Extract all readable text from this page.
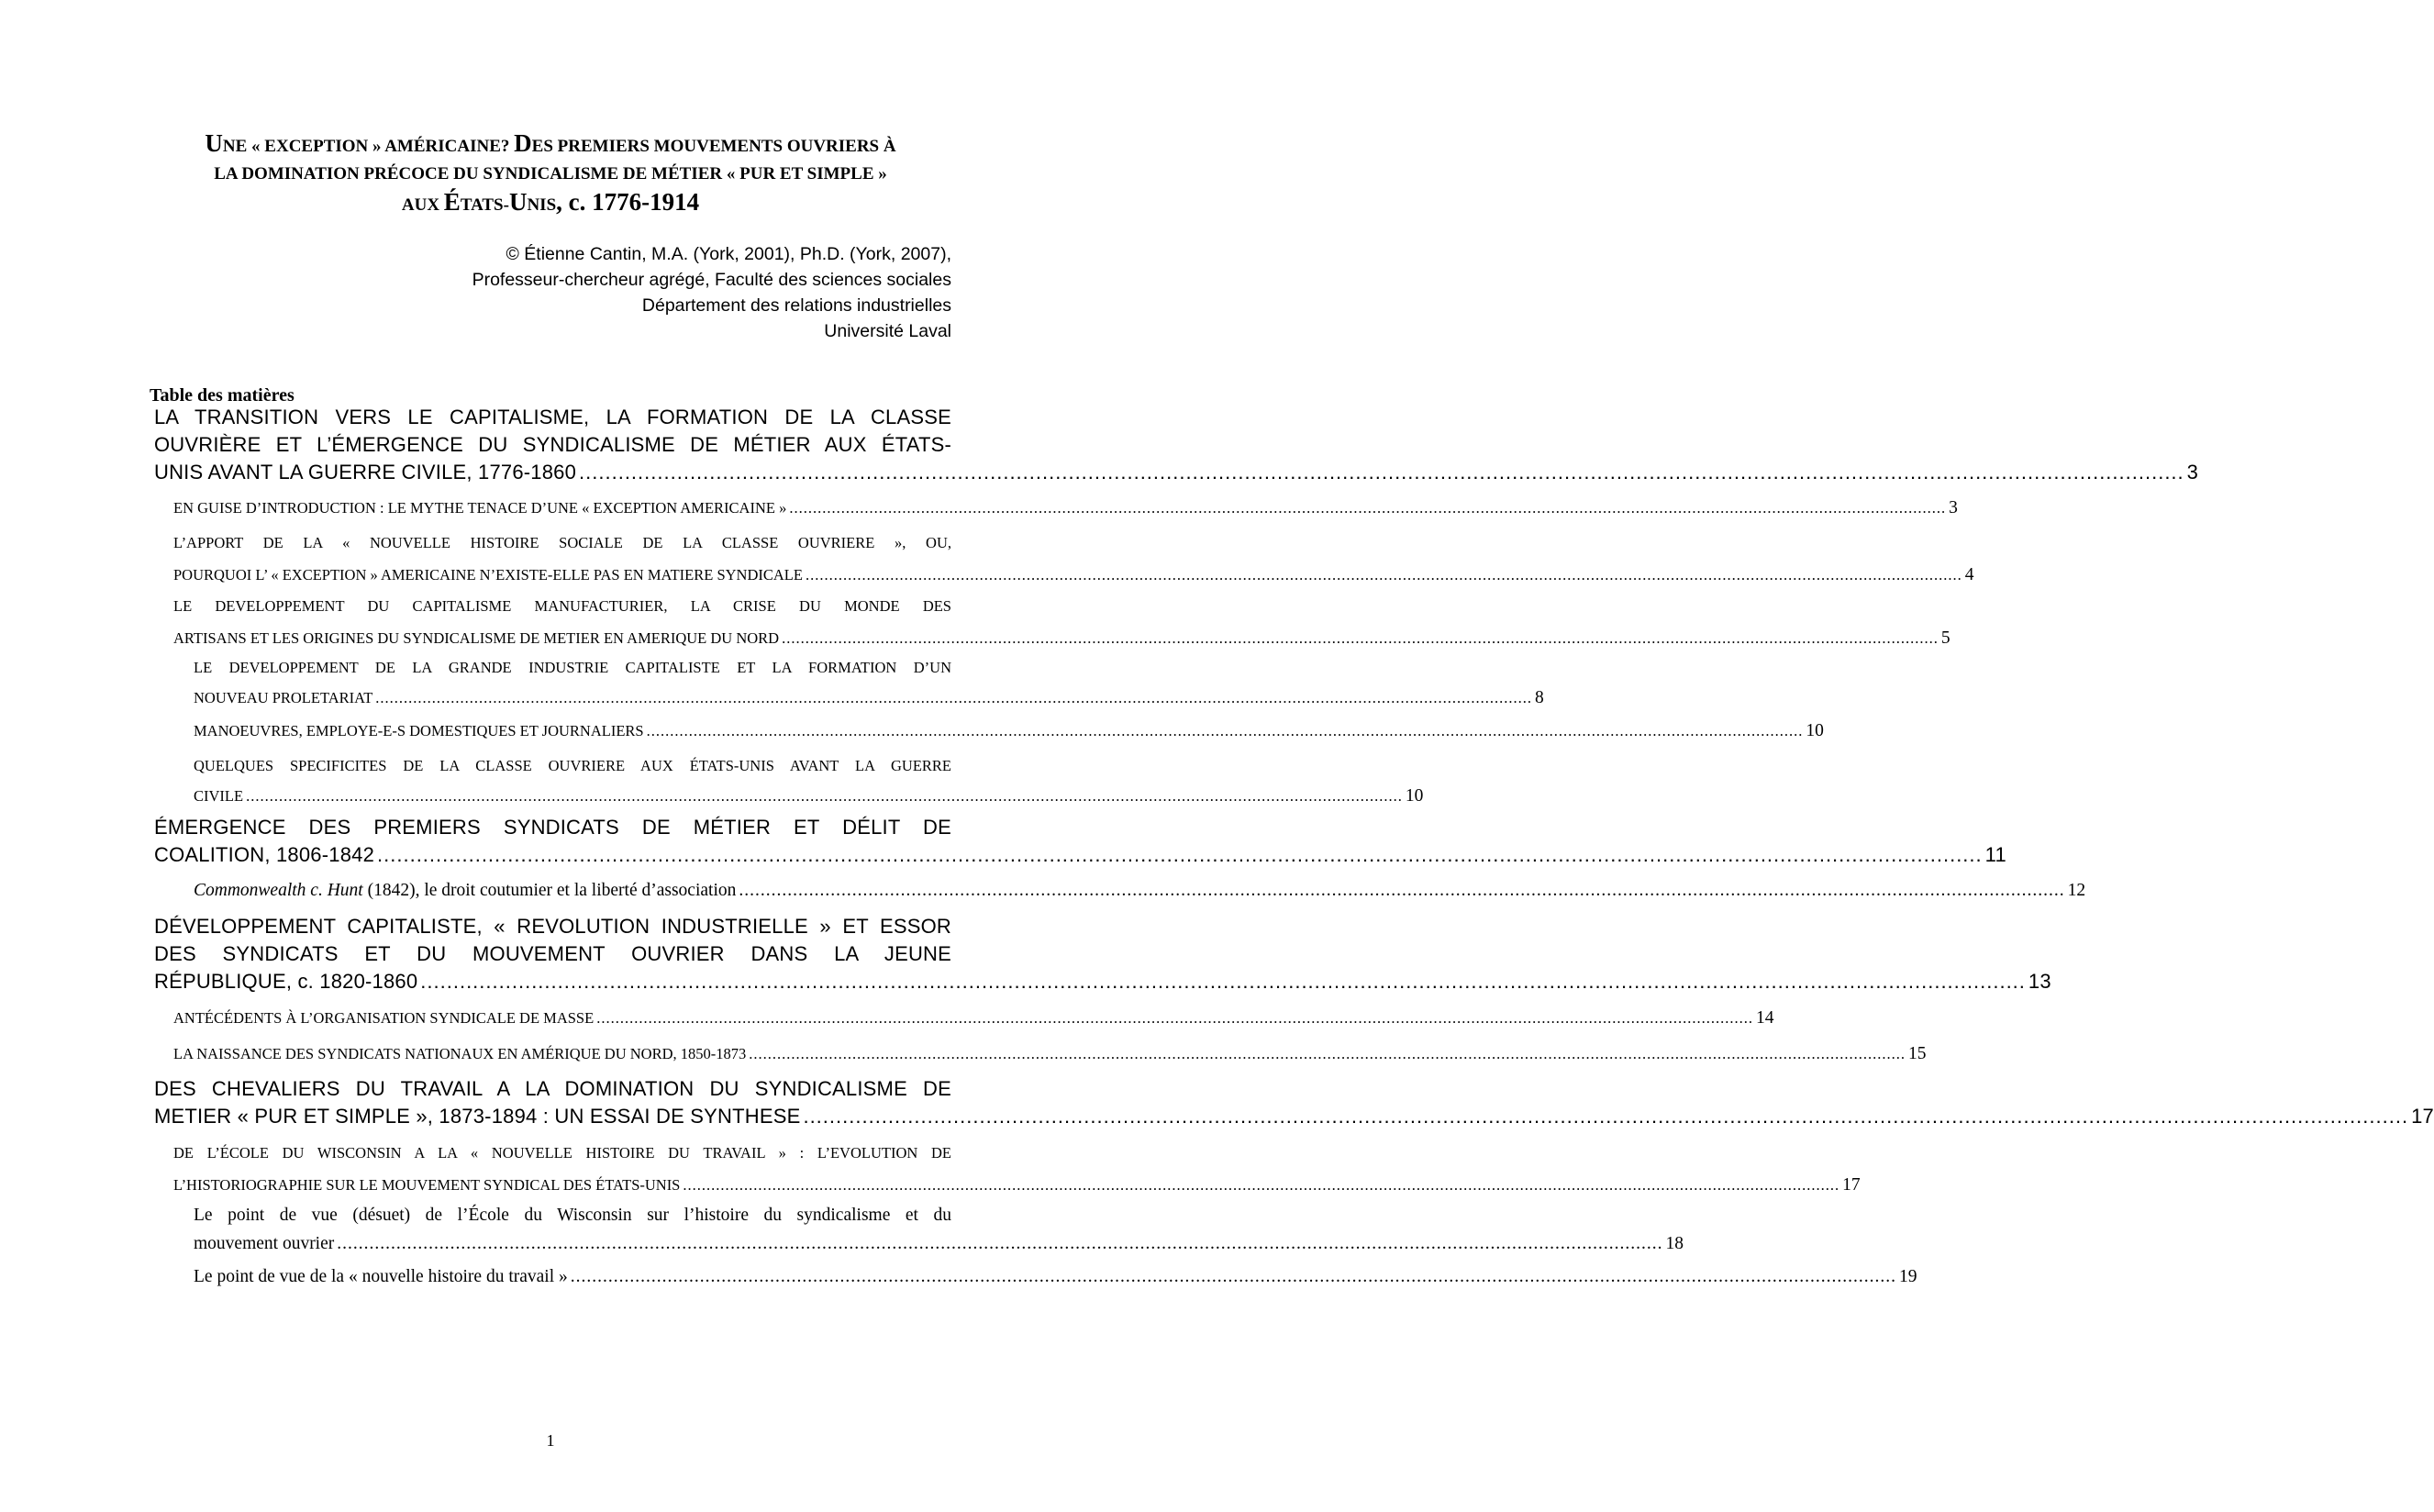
UNE « EXCEPTION » AMÉRICAINE? DES PREMIERS MOUVEMENTS OUVRIERS À
LA DOMINATION PRÉCOCE DU SYNDICALISME DE MÉTIER « PUR ET SIMPLE »
AUX ÉTATS-UNIS, c. 1776-1914
© Étienne Cantin, M.A. (York, 2001), Ph.D. (York, 2007),
Professeur-chercheur agrégé, Faculté des sciences sociales
Département des relations industrielles
Université Laval
Table des matières
LA TRANSITION VERS LE CAPITALISME, LA FORMATION DE LA CLASSE
OUVRIÈRE ET L’ÉMERGENCE DU SYNDICALISME DE MÉTIER AUX ÉTATS-
UNIS AVANT LA GUERRE CIVILE, 1776-1860 .....	3
EN GUISE D’INTRODUCTION : LE MYTHE TENACE D’UNE « EXCEPTION AMERICAINE » .....	3
L’APPORT DE LA « NOUVELLE HISTOIRE SOCIALE DE LA CLASSE OUVRIERE », OU,
POURQUOI L’ « EXCEPTION » AMERICAINE N’EXISTE-ELLE PAS EN MATIERE SYNDICALE .....	4
LE DEVELOPPEMENT DU CAPITALISME MANUFACTURIER, LA CRISE DU MONDE DES
ARTISANS ET LES ORIGINES DU SYNDICALISME DE METIER EN AMERIQUE DU NORD .....	5
LE DEVELOPPEMENT DE LA GRANDE INDUSTRIE CAPITALISTE ET LA FORMATION D’UN
NOUVEAU PROLETARIAT .....	8
MANOEUVRES, EMPLOYE-E-S DOMESTIQUES ET JOURNALIERS .....	10
QUELQUES SPECIFICITES DE LA CLASSE OUVRIERE AUX ÉTATS-UNIS AVANT LA GUERRE
CIVILE .....	10
ÉMERGENCE DES PREMIERS SYNDICATS DE MÉTIER ET DÉLIT DE
COALITION, 1806-1842 .....	11
Commonwealth c. Hunt (1842), le droit coutumier et la liberté d’association .....	12
DÉVELOPPEMENT CAPITALISTE, « REVOLUTION INDUSTRIELLE » ET ESSOR
DES SYNDICATS ET DU MOUVEMENT OUVRIER DANS LA JEUNE
RÉPUBLIQUE, c. 1820-1860 .....	13
ANTÉCÉDENTS À L’ORGANISATION SYNDICALE DE MASSE .....	14
LA NAISSANCE DES SYNDICATS NATIONAUX EN AMÉRIQUE DU NORD, 1850-1873 .....	15
DES CHEVALIERS DU TRAVAIL A LA DOMINATION DU SYNDICALISME DE
METIER « PUR ET SIMPLE », 1873-1894 : UN ESSAI DE SYNTHESE .....	17
DE L’ÉCOLE DU WISCONSIN A LA « NOUVELLE HISTOIRE DU TRAVAIL » : L’EVOLUTION DE
L’HISTORIOGRAPHIE SUR LE MOUVEMENT SYNDICAL DES ÉTATS-UNIS .....	17
Le point de vue (désuet) de l’École du Wisconsin sur l’histoire du syndicalisme et du
mouvement ouvrier .....	18
Le point de vue de la « nouvelle histoire du travail » .....	19
1
